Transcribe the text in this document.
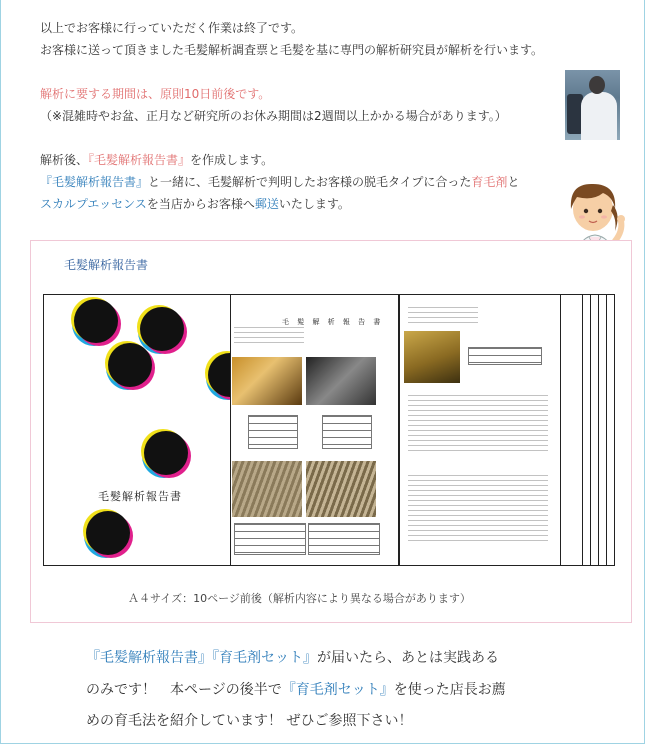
以上でお客様に行っていただく作業は終了です。

お客様に送って頂きました毛髪解析調査票と毛髪を基に専門の解析研究員が解析を行います。

解析に要する期間は、原則10日前後です。

（※混雑時やお盆、正月など研究所のお休み期間は2週間以上かかる場合があります。）

解析後、『毛髪解析報告書』を作成します。

『毛髪解析報告書』と一緒に、毛髪解析で判明したお客様の脱毛タイプに合った育毛剤と

スカルプエッセンスを当店からお客様へ郵送いたします。

毛髪解析報告書
毛 髪 解 析 報 告 書
毛髪解析報告書
Ａ４サイズ：10ページ前後（解析内容により異なる場合があります）
『毛髪解析報告書』『育毛剤セット』が届いたら、あとは実践ある
のみです！　本ページの後半で『育毛剤セット』を使った店長お薦
めの育毛法を紹介しています！ ぜひご参照下さい！
